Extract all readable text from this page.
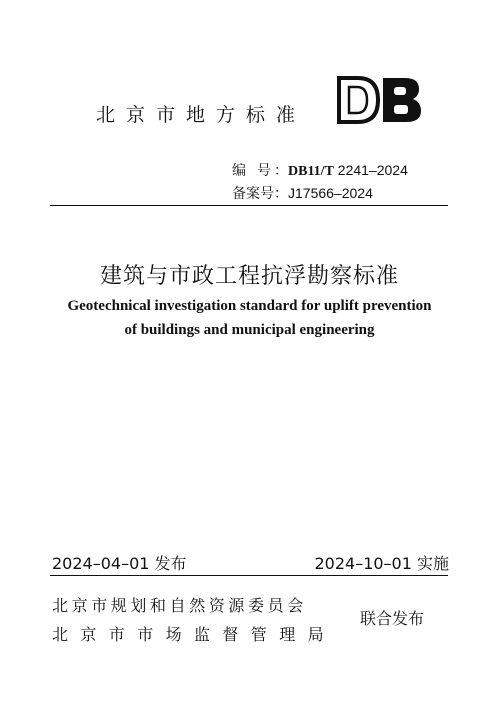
北京市地方标准
编 号：DB11/T 2241–2024
备案号：J17566–2024
建筑与市政工程抗浮勘察标准
Geotechnical investigation standard for uplift prevention
of buildings and municipal engineering
2024–04–01 发布	2024–10–01 实施
北京市规划和自然资源委员会
北京市市场监督管理局
联合发布
